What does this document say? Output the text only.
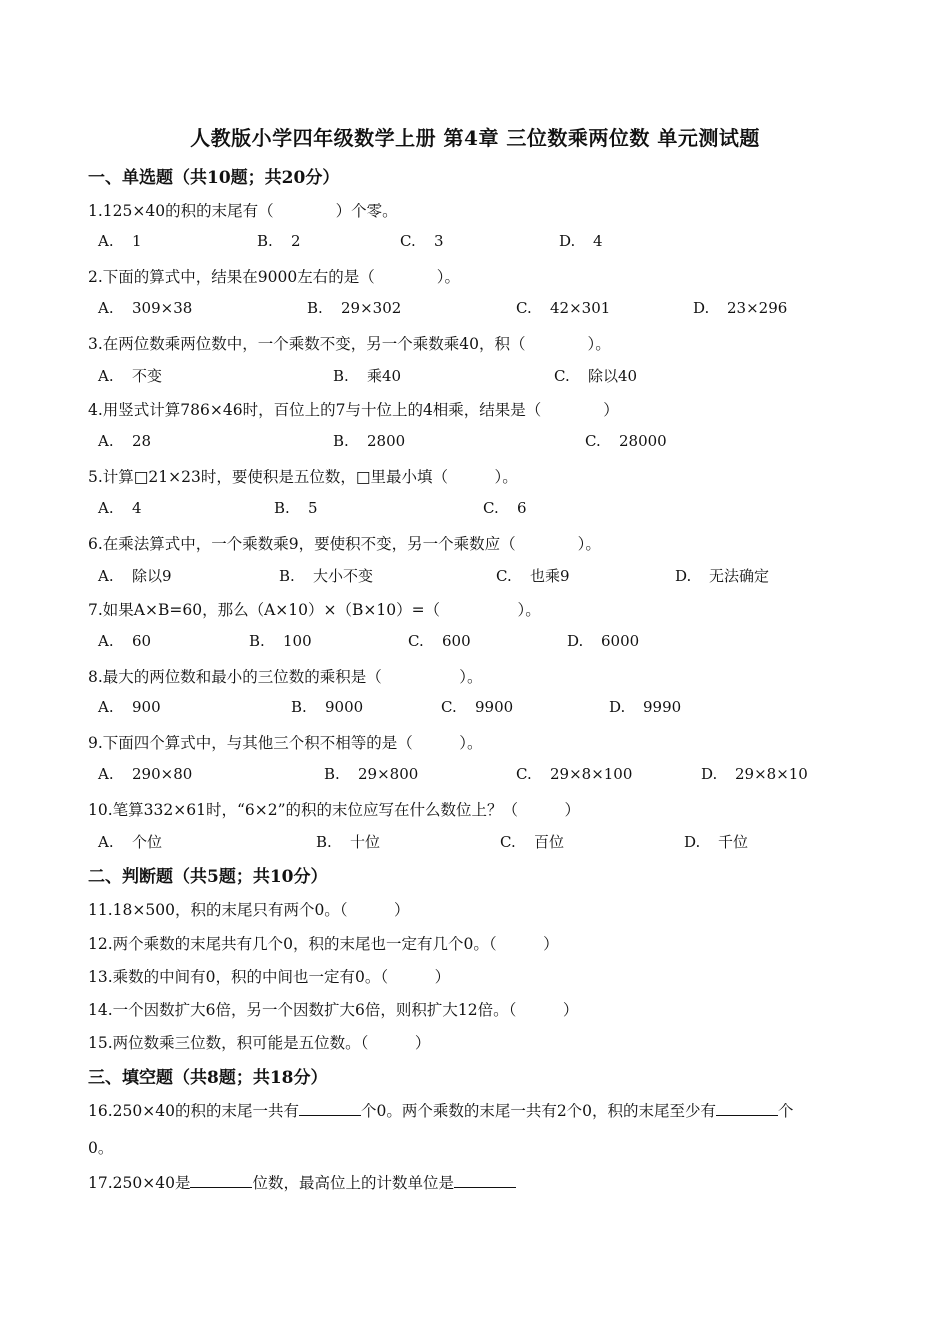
人教版小学四年级数学上册 第4章 三位数乘两位数 单元测试题
一、单选题（共10题；共20分）
1.125×40的积的末尾有（　　　　）个零。
A. 1	B. 2	C. 3	D. 4
2.下面的算式中，结果在9000左右的是（　　　　）。
A. 309×38	B. 29×302	C. 42×301	D. 23×296
3.在两位数乘两位数中，一个乘数不变，另一个乘数乘40，积（　　　　）。
A. 不变	B. 乘40	C. 除以40
4.用竖式计算786×46时，百位上的7与十位上的4相乘，结果是（　　　　）
A. 28	B. 2800	C. 28000
5.计算□21×23时，要使积是五位数，□里最小填（　　　）。
A. 4	B. 5	C. 6
6.在乘法算式中，一个乘数乘9，要使积不变，另一个乘数应（　　　　）。
A. 除以9	B. 大小不变	C. 也乘9	D. 无法确定
7.如果A×B=60，那么（A×10）×（B×10）=（　　　　　）。
A. 60	B. 100	C. 600	D. 6000
8.最大的两位数和最小的三位数的乘积是（　　　　　）。
A. 900	B. 9000	C. 9900	D. 9990
9.下面四个算式中，与其他三个积不相等的是（　　　）。
A. 290×80	B. 29×800	C. 29×8×100	D. 29×8×10
10.笔算332×61时，“6×2”的积的末位应写在什么数位上？（　　　）
A. 个位	B. 十位	C. 百位	D. 千位
二、判断题（共5题；共10分）
11.18×500，积的末尾只有两个0。（　　　）
12.两个乘数的末尾共有几个0，积的末尾也一定有几个0。（　　　）
13.乘数的中间有0，积的中间也一定有0。（　　　）
14.一个因数扩大6倍，另一个因数扩大6倍，则积扩大12倍。（　　　）
15.两位数乘三位数，积可能是五位数。（　　　）
三、填空题（共8题；共18分）
16.250×40的积的末尾一共有	个0。两个乘数的末尾一共有2个0，积的末尾至少有	个
0。
17.250×40是	位数，最高位上的计数单位是
